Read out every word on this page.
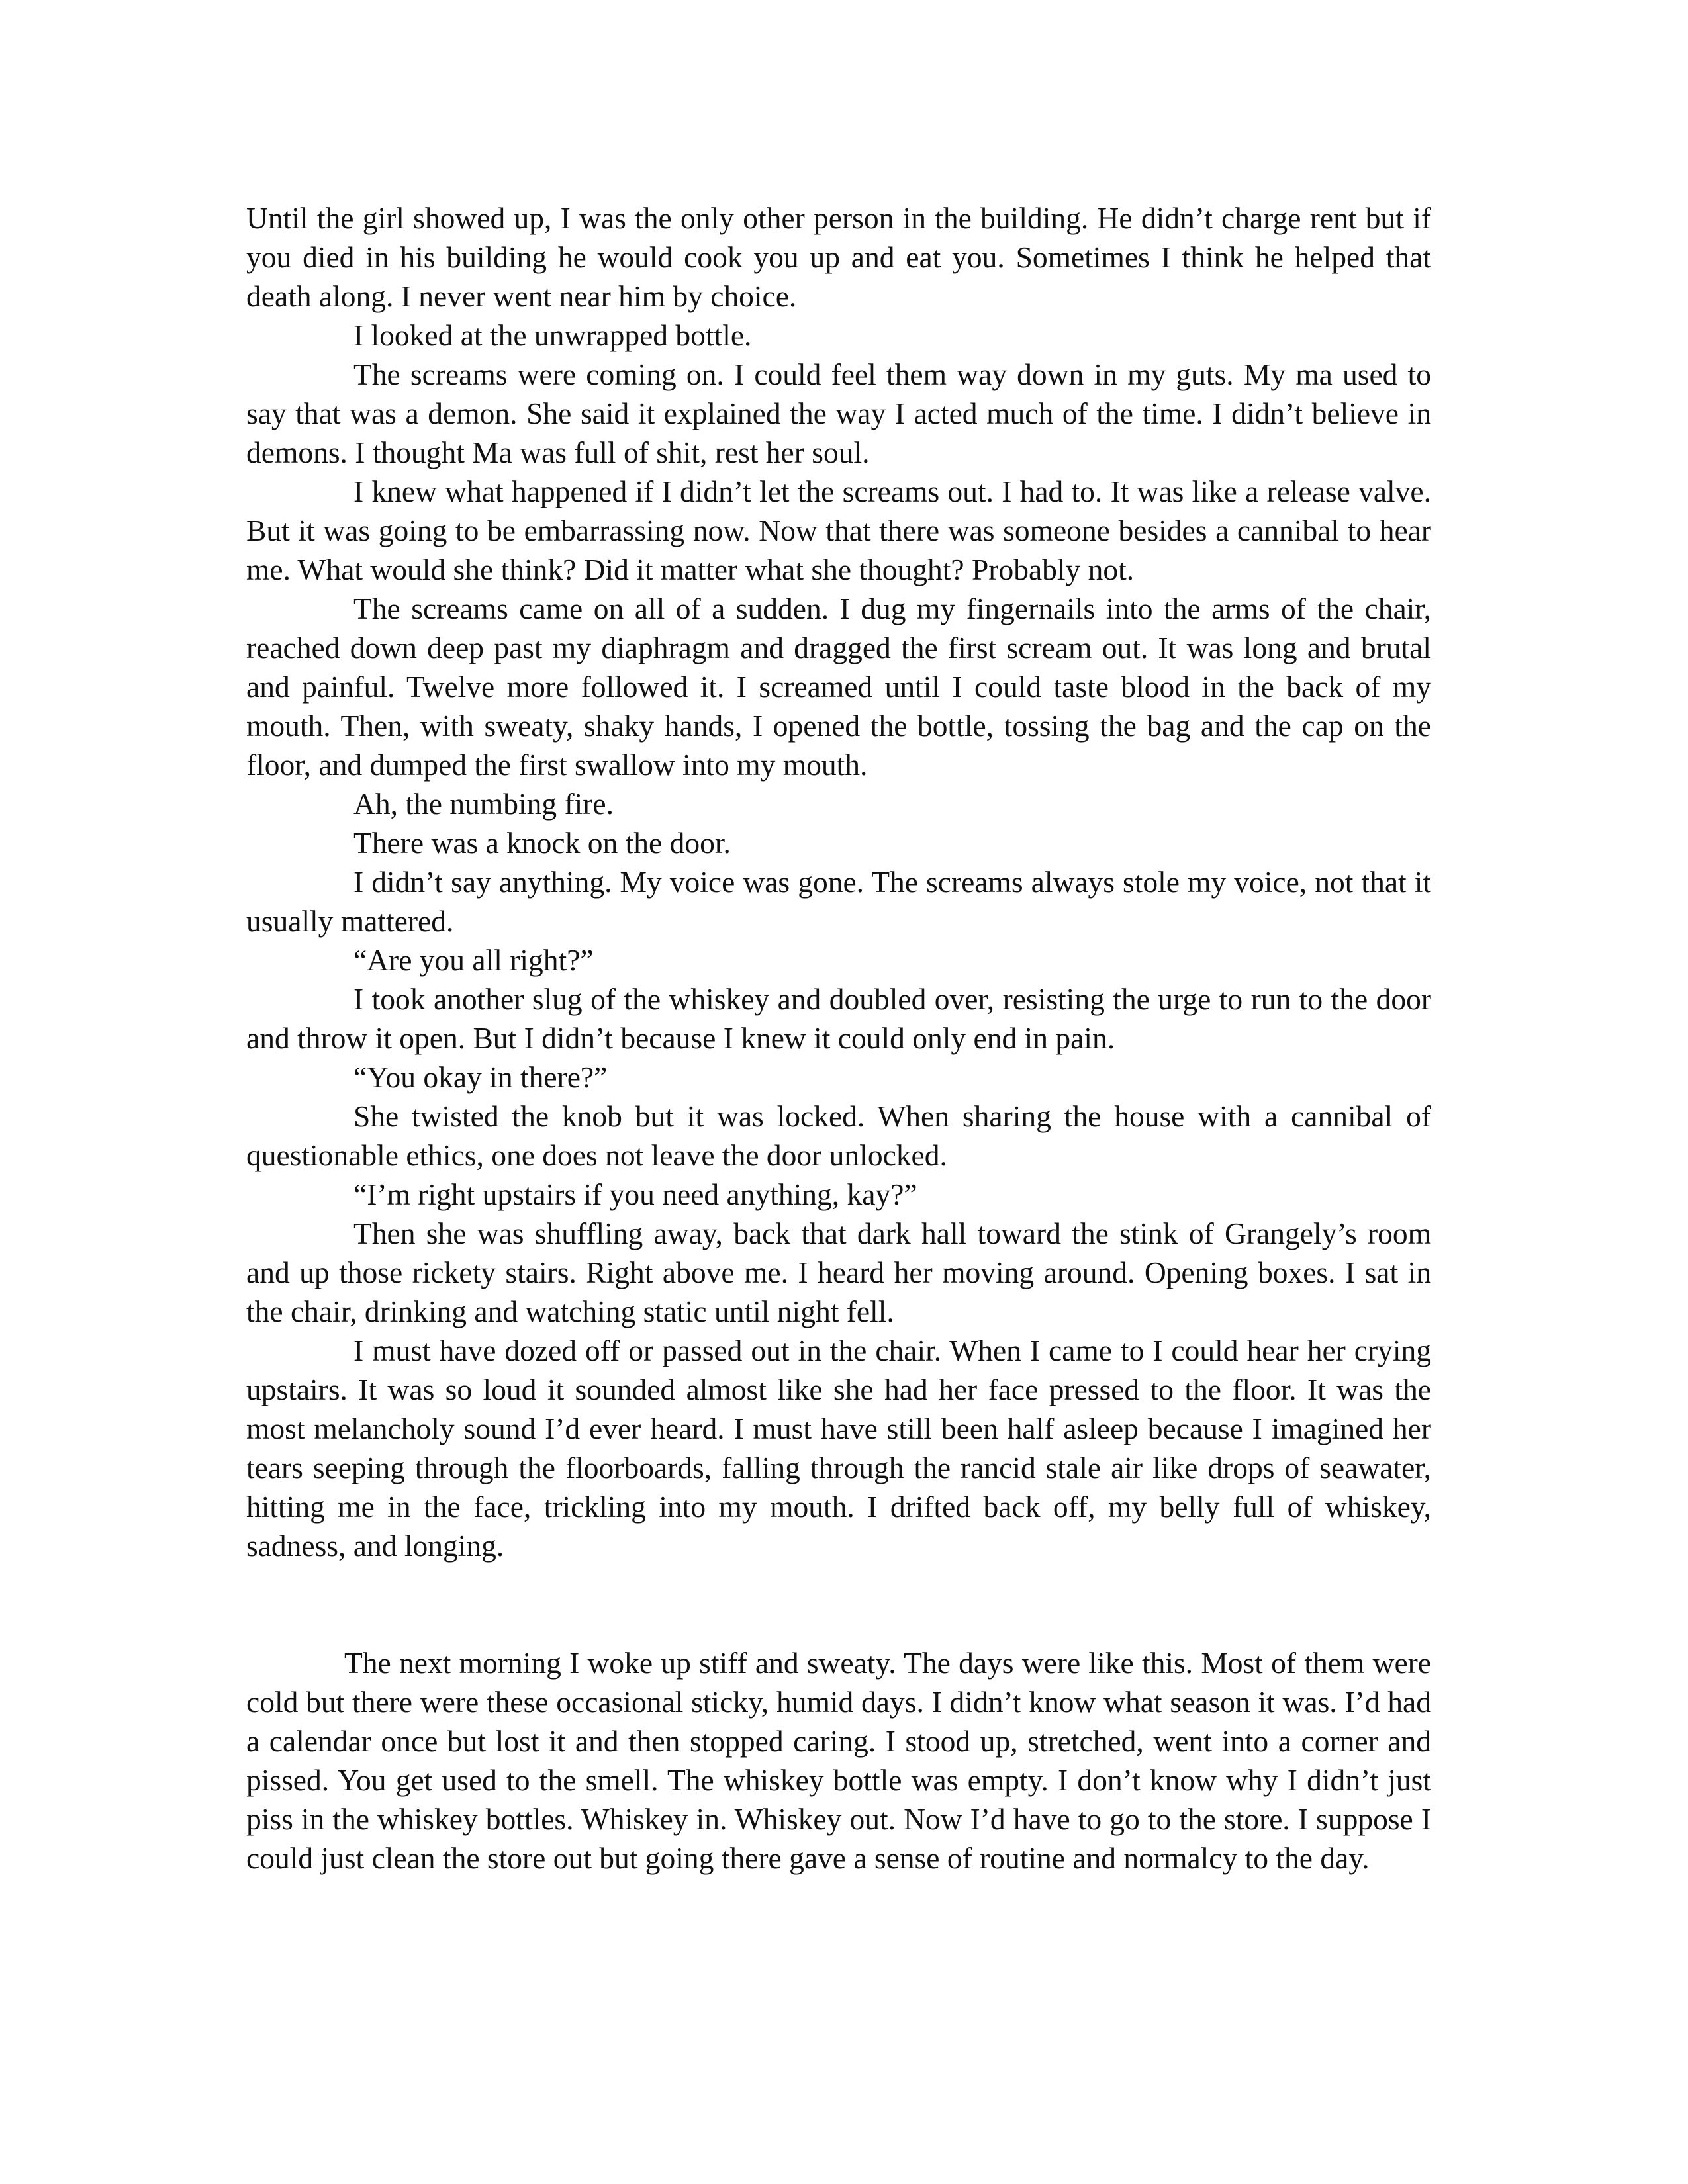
Until the girl showed up, I was the only other person in the building. He didn’t charge rent but if you died in his building he would cook you up and eat you. Sometimes I think he helped that death along. I never went near him by choice.

I looked at the unwrapped bottle.

The screams were coming on. I could feel them way down in my guts. My ma used to say that was a demon. She said it explained the way I acted much of the time. I didn’t believe in demons. I thought Ma was full of shit, rest her soul.

I knew what happened if I didn’t let the screams out. I had to. It was like a release valve. But it was going to be embarrassing now. Now that there was someone besides a cannibal to hear me. What would she think? Did it matter what she thought? Probably not.

The screams came on all of a sudden. I dug my fingernails into the arms of the chair, reached down deep past my diaphragm and dragged the first scream out. It was long and brutal and painful. Twelve more followed it. I screamed until I could taste blood in the back of my mouth. Then, with sweaty, shaky hands, I opened the bottle, tossing the bag and the cap on the floor, and dumped the first swallow into my mouth.

Ah, the numbing fire.

There was a knock on the door.

I didn’t say anything. My voice was gone. The screams always stole my voice, not that it usually mattered.

“Are you all right?”

I took another slug of the whiskey and doubled over, resisting the urge to run to the door and throw it open. But I didn’t because I knew it could only end in pain.

“You okay in there?”

She twisted the knob but it was locked. When sharing the house with a cannibal of questionable ethics, one does not leave the door unlocked.

“I’m right upstairs if you need anything, kay?”

Then she was shuffling away, back that dark hall toward the stink of Grangely’s room and up those rickety stairs. Right above me. I heard her moving around. Opening boxes. I sat in the chair, drinking and watching static until night fell.

I must have dozed off or passed out in the chair. When I came to I could hear her crying upstairs. It was so loud it sounded almost like she had her face pressed to the floor. It was the most melancholy sound I’d ever heard. I must have still been half asleep because I imagined her tears seeping through the floorboards, falling through the rancid stale air like drops of seawater, hitting me in the face, trickling into my mouth. I drifted back off, my belly full of whiskey, sadness, and longing.

The next morning I woke up stiff and sweaty. The days were like this. Most of them were cold but there were these occasional sticky, humid days. I didn’t know what season it was. I’d had a calendar once but lost it and then stopped caring. I stood up, stretched, went into a corner and pissed. You get used to the smell. The whiskey bottle was empty. I don’t know why I didn’t just piss in the whiskey bottles. Whiskey in. Whiskey out. Now I’d have to go to the store. I suppose I could just clean the store out but going there gave a sense of routine and normalcy to the day.
